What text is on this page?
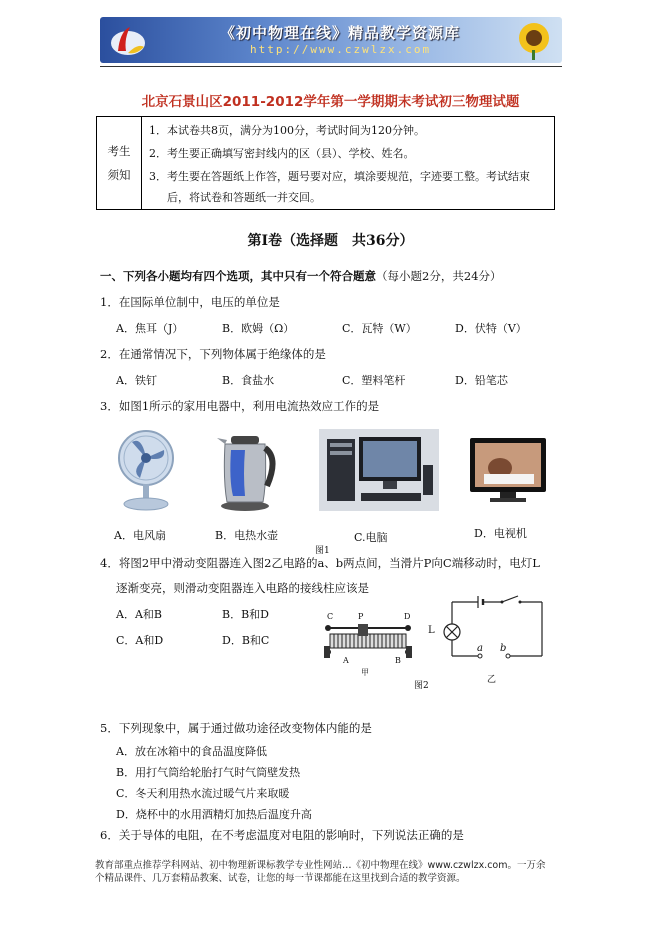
《初中物理在线》精品教学资源库
http://www.czwlzx.com
北京石景山区2011-2012学年第一学期期末考试初三物理试题
考生
须知
1．本试卷共8页，满分为100分，考试时间为120分钟。
2．考生要正确填写密封线内的区（县）、学校、姓名。
3．考生要在答题纸上作答，题号要对应，填涂要规范，字迹要工整。考试结束
后，将试卷和答题纸一并交回。
第Ⅰ卷（选择题　共36分）
一、下列各小题均有四个选项，其中只有一个符合题意（每小题2分，共24分）
1．在国际单位制中，电压的单位是
A．焦耳（J）	B．欧姆（Ω）	C．瓦特（W）	D．伏特（V）
2．在通常情况下，下列物体属于绝缘体的是
A．铁钉	B．食盐水	C．塑料笔杆	D．铅笔芯
3．如图1所示的家用电器中，利用电流热效应工作的是
A．电风扇	B．电热水壶	C.电脑	D．电视机
图1
4．将图2甲中滑动变阻器连入图2乙电路的a、b两点间，当滑片P向C端移动时，电灯L
逐渐变亮，则滑动变阻器连入电路的接线柱应该是
A．A和B	B．B和D
C．A和D	D．B和C
C	P	D
A	B
甲
L
a b
乙
图2
5．下列现象中，属于通过做功途径改变物体内能的是
A．放在冰箱中的食品温度降低
B．用打气筒给轮胎打气时气筒壁发热
C．冬天利用热水流过暖气片来取暖
D．烧杯中的水用酒精灯加热后温度升高
6．关于导体的电阻，在不考虑温度对电阻的影响时，下列说法正确的是
教育部重点推荐学科网站、初中物理新课标教学专业性网站…《初中物理在线》www.czwlzx.com。一万余
个精品课件、几万套精品教案、试卷，让您的每一节课都能在这里找到合适的教学资源。
